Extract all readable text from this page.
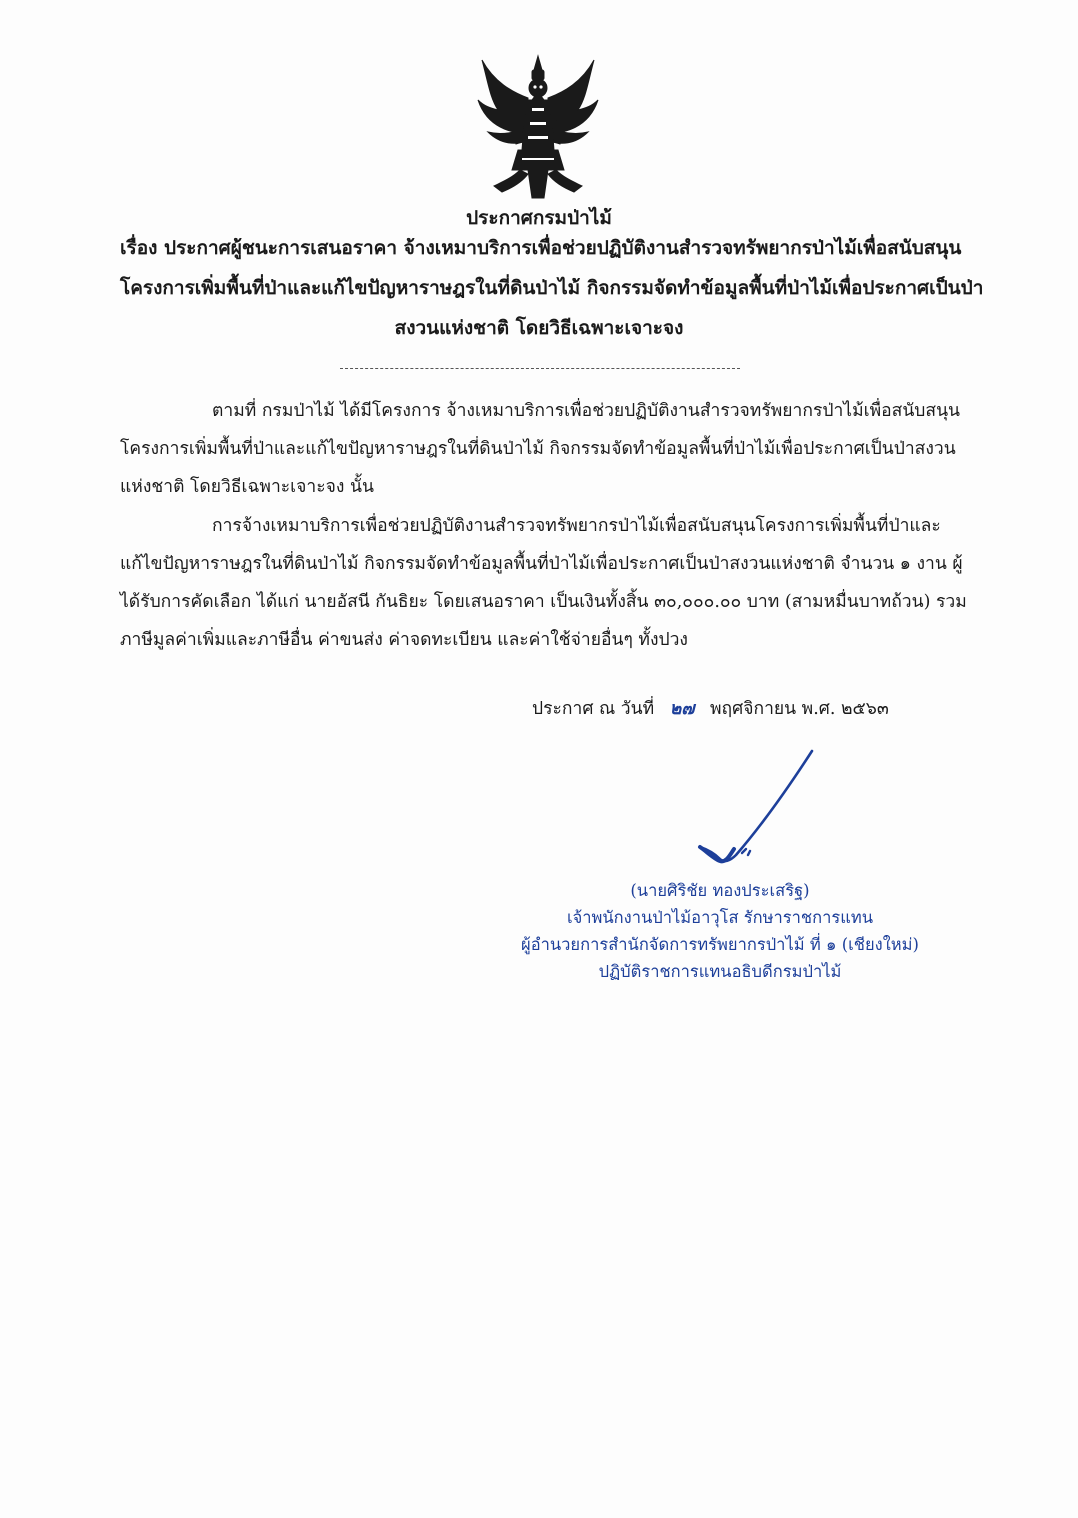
ประกาศกรมป่าไม้
เรื่อง ประกาศผู้ชนะการเสนอราคา จ้างเหมาบริการเพื่อช่วยปฏิบัติงานสำรวจทรัพยากรป่าไม้เพื่อสนับสนุน
โครงการเพิ่มพื้นที่ป่าและแก้ไขปัญหาราษฎรในที่ดินป่าไม้ กิจกรรมจัดทำข้อมูลพื้นที่ป่าไม้เพื่อประกาศเป็นป่า
สงวนแห่งชาติ โดยวิธีเฉพาะเจาะจง
ตามที่ กรมป่าไม้ ได้มีโครงการ จ้างเหมาบริการเพื่อช่วยปฏิบัติงานสำรวจทรัพยากรป่าไม้เพื่อสนับสนุน
โครงการเพิ่มพื้นที่ป่าและแก้ไขปัญหาราษฎรในที่ดินป่าไม้ กิจกรรมจัดทำข้อมูลพื้นที่ป่าไม้เพื่อประกาศเป็นป่าสงวน
แห่งชาติ โดยวิธีเฉพาะเจาะจง นั้น
การจ้างเหมาบริการเพื่อช่วยปฏิบัติงานสำรวจทรัพยากรป่าไม้เพื่อสนับสนุนโครงการเพิ่มพื้นที่ป่าและ
แก้ไขปัญหาราษฎรในที่ดินป่าไม้ กิจกรรมจัดทำข้อมูลพื้นที่ป่าไม้เพื่อประกาศเป็นป่าสงวนแห่งชาติ จำนวน ๑ งาน ผู้
ได้รับการคัดเลือก ได้แก่ นายอัสนี กันธิยะ โดยเสนอราคา เป็นเงินทั้งสิ้น ๓๐,๐๐๐.๐๐ บาท (สามหมื่นบาทถ้วน) รวม
ภาษีมูลค่าเพิ่มและภาษีอื่น ค่าขนส่ง ค่าจดทะเบียน และค่าใช้จ่ายอื่นๆ ทั้งปวง
ประกาศ ณ วันที่ ๒๗ พฤศจิกายน พ.ศ. ๒๕๖๓
(นายศิริชัย ทองประเสริฐ)
เจ้าพนักงานป่าไม้อาวุโส รักษาราชการแทน
ผู้อำนวยการสำนักจัดการทรัพยากรป่าไม้ ที่ ๑ (เชียงใหม่)
ปฏิบัติราชการแทนอธิบดีกรมป่าไม้
